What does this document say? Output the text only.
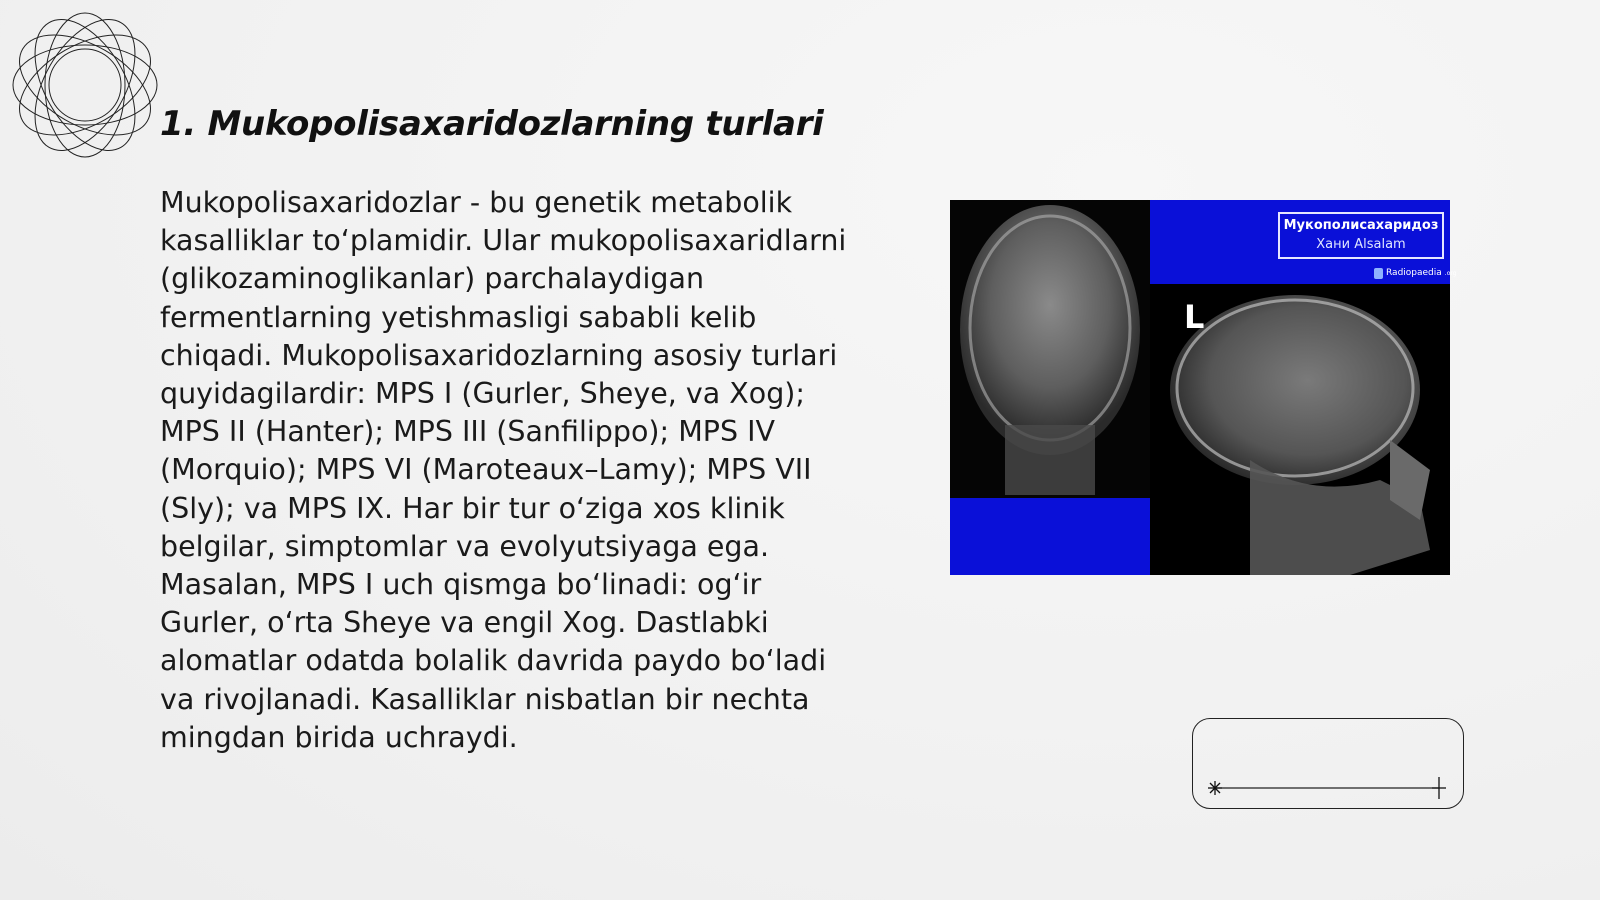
1. Mukopolisaxaridozlarning turlari

Mukopolisaxaridozlar - bu genetik metabolik kasalliklar to‘plamidir. Ular mukopolisaxaridlarni (glikozaminoglikanlar) parchalaydigan fermentlarning yetishmasligi sababli kelib chiqadi. Mukopolisaxaridozlarning asosiy turlari quyidagilardir: MPS I (Gurler, Sheye, va Xog); MPS II (Hanter); MPS III (Sanfilippo); MPS IV (Morquio); MPS VI (Maroteaux–Lamy); MPS VII (Sly); va MPS IX. Har bir tur o‘ziga xos klinik belgilar, simptomlar va evolyutsiyaga ega. Masalan, MPS I uch qismga bo‘linadi: og‘ir Gurler, o‘rta Sheye va engil Xog. Dastlabki alomatlar odatda bolalik davrida paydo bo‘ladi va rivojlanadi. Kasalliklar nisbatlan bir nechta mingdan birida uchraydi.

Мукополисахаридоз
Хани Alsalam
Radiopaedia .org
L
